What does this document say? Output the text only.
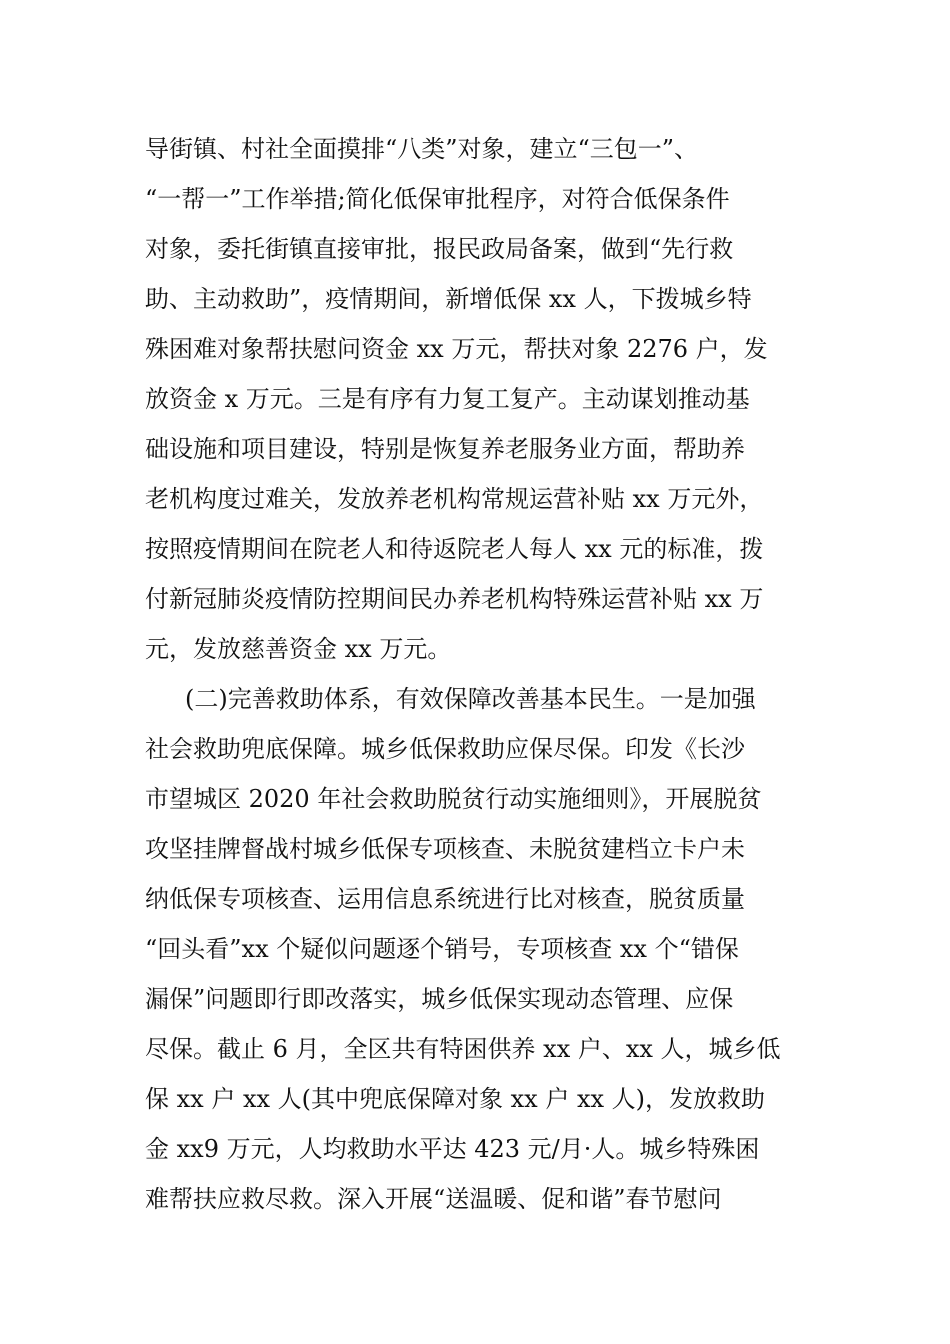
导街镇、村社全面摸排“八类”对象，建立“三包一”、
“一帮一”工作举措;简化低保审批程序，对符合低保条件
对象，委托街镇直接审批，报民政局备案，做到“先行救
助、主动救助”，疫情期间，新增低保 xx 人，下拨城乡特
殊困难对象帮扶慰问资金 xx 万元，帮扶对象 2276 户，发
放资金 x 万元。三是有序有力复工复产。主动谋划推动基
础设施和项目建设，特别是恢复养老服务业方面，帮助养
老机构度过难关，发放养老机构常规运营补贴 xx 万元外，
按照疫情期间在院老人和待返院老人每人 xx 元的标准，拨
付新冠肺炎疫情防控期间民办养老机构特殊运营补贴 xx 万
元，发放慈善资金 xx 万元。
(二)完善救助体系，有效保障改善基本民生。一是加强
社会救助兜底保障。城乡低保救助应保尽保。印发《长沙
市望城区 2020 年社会救助脱贫行动实施细则》，开展脱贫
攻坚挂牌督战村城乡低保专项核查、未脱贫建档立卡户未
纳低保专项核查、运用信息系统进行比对核查，脱贫质量
“回头看”xx 个疑似问题逐个销号，专项核查 xx 个“错保
漏保”问题即行即改落实，城乡低保实现动态管理、应保
尽保。截止 6 月，全区共有特困供养 xx 户、xx 人，城乡低
保 xx 户 xx 人(其中兜底保障对象 xx 户 xx 人)，发放救助
金 xx9 万元，人均救助水平达 423 元/月·人。城乡特殊困
难帮扶应救尽救。深入开展“送温暖、促和谐”春节慰问
